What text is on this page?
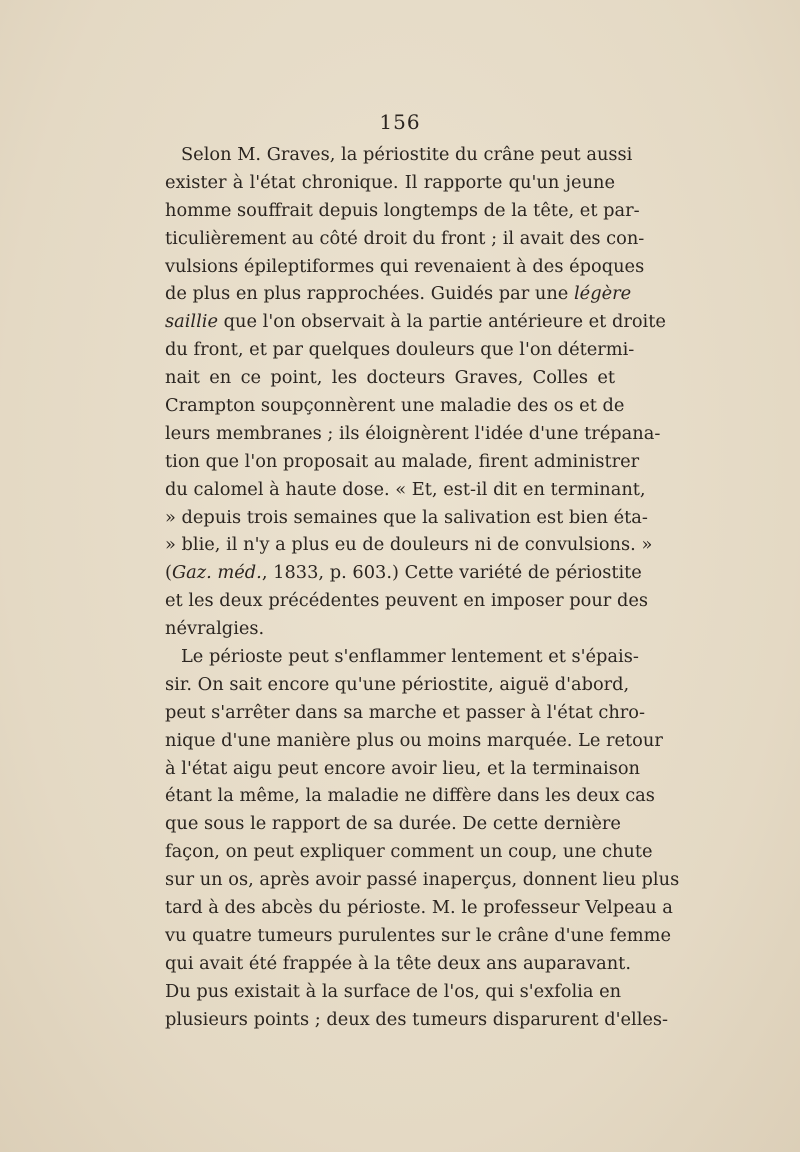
156
Selon M. Graves, la périostite du crâne peut aussi
exister à l'état chronique. Il rapporte qu'un jeune
homme souffrait depuis longtemps de la tête, et par-
ticulièrement au côté droit du front ; il avait des con-
vulsions épileptiformes qui revenaient à des époques
de plus en plus rapprochées. Guidés par une légère
saillie que l'on observait à la partie antérieure et droite
du front, et par quelques douleurs que l'on détermi-
nait en ce point, les docteurs Graves, Colles et
Crampton soupçonnèrent une maladie des os et de
leurs membranes ; ils éloignèrent l'idée d'une trépana-
tion que l'on proposait au malade, firent administrer
du calomel à haute dose. « Et, est-il dit en terminant,
» depuis trois semaines que la salivation est bien éta-
» blie, il n'y a plus eu de douleurs ni de convulsions. »
(Gaz. méd., 1833, p. 603.) Cette variété de périostite
et les deux précédentes peuvent en imposer pour des
névralgies.
Le périoste peut s'enflammer lentement et s'épais-
sir. On sait encore qu'une périostite, aiguë d'abord,
peut s'arrêter dans sa marche et passer à l'état chro-
nique d'une manière plus ou moins marquée. Le retour
à l'état aigu peut encore avoir lieu, et la terminaison
étant la même, la maladie ne diffère dans les deux cas
que sous le rapport de sa durée. De cette dernière
façon, on peut expliquer comment un coup, une chute
sur un os, après avoir passé inaperçus, donnent lieu plus
tard à des abcès du périoste. M. le professeur Velpeau a
vu quatre tumeurs purulentes sur le crâne d'une femme
qui avait été frappée à la tête deux ans auparavant.
Du pus existait à la surface de l'os, qui s'exfolia en
plusieurs points ; deux des tumeurs disparurent d'elles-
